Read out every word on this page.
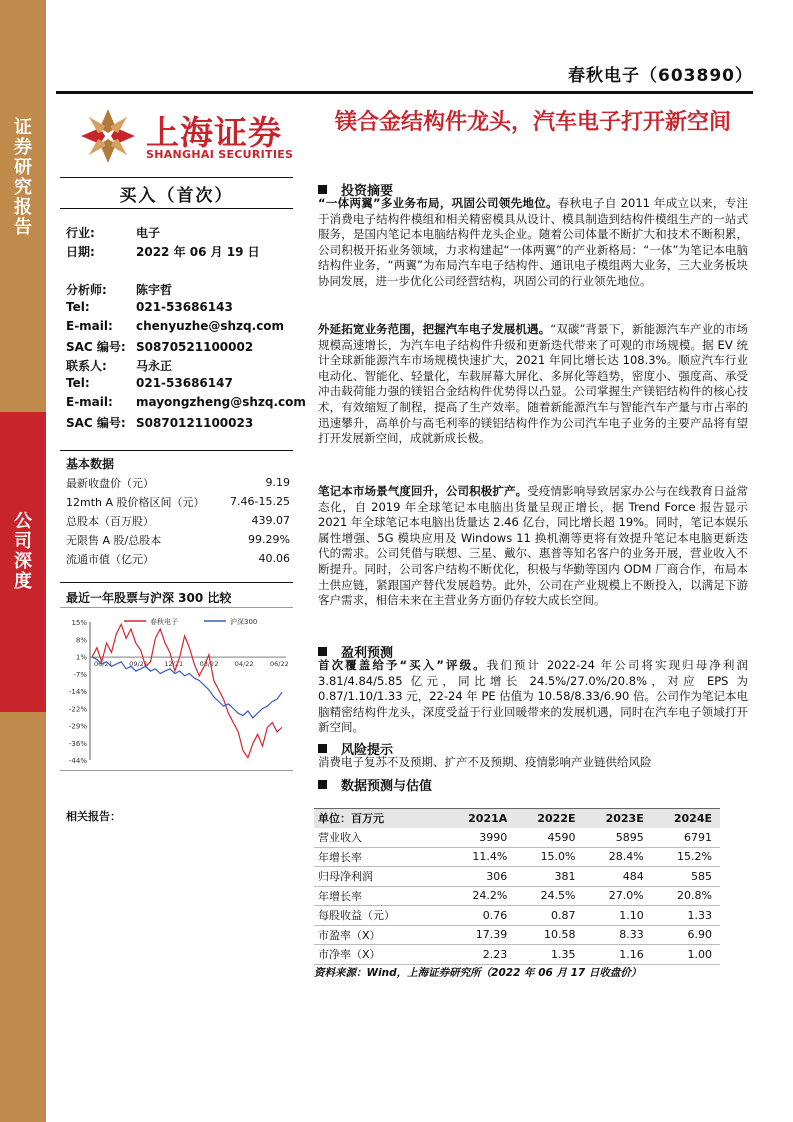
证券研究报告
公司深度
春秋电子（603890）
上海证券
SHANGHAI SECURITIES
镁合金结构件龙头，汽车电子打开新空间
买入（首次）
行业:	电子
日期:	2022 年 06 月 19 日
分析师: 陈宇哲
Tel:	021-53686143
E-mail: chenyuzhe@shzq.com
SAC 编号: S0870521100002
联系人: 马永正
Tel:	021-53686147
E-mail: mayongzheng@shzq.com
SAC 编号: S0870121100023
基本数据
最新收盘价（元）	9.19
12mth A 股价格区间（元）	7.46-15.25
总股本（百万股）	439.07
无限售 A 股/总股本	99.29%
流通市值（亿元）	40.06
最近一年股票与沪深 300 比较
15%
8%
1%
-7%
-14%
-22%
-29%
-36%
-44%
06/21	09/21	12/21	03/22	04/22	06/22
春秋电子	沪深300
相关报告：
投资摘要
“一体两翼”多业务布局，巩固公司领先地位。春秋电子自 2011 年成立以来，专注于消费电子结构件模组和相关精密模具从设计、模具制造到结构件模组生产的一站式服务，是国内笔记本电脑结构件龙头企业。随着公司体量不断扩大和技术不断积累，公司积极开拓业务领域，力求构建起“一体两翼”的产业新格局：“一体”为笔记本电脑结构件业务，“两翼”为布局汽车电子结构件、通讯电子模组两大业务，三大业务板块协同发展，进一步优化公司经营结构，巩固公司的行业领先地位。
外延拓宽业务范围，把握汽车电子发展机遇。“双碳”背景下，新能源汽车产业的市场规模高速增长，为汽车电子结构件升级和更新迭代带来了可观的市场规模。据 EV 统计全球新能源汽车市场规模快速扩大，2021 年同比增长达 108.3%。顺应汽车行业电动化、智能化、轻量化，车载屏幕大屏化、多屏化等趋势，密度小、强度高、承受冲击载荷能力强的镁铝合金结构件优势得以凸显。公司掌握生产镁铝结构件的核心技术，有效缩短了制程，提高了生产效率。随着新能源汽车与智能汽车产量与市占率的迅速攀升，高单价与高毛利率的镁铝结构件作为公司汽车电子业务的主要产品将有望打开发展新空间，成就新成长极。
笔记本市场景气度回升，公司积极扩产。受疫情影响导致居家办公与在线教育日益常态化，自 2019 年全球笔记本电脑出货量呈现正增长，据 Trend Force 报告显示 2021 年全球笔记本电脑出货量达 2.46 亿台，同比增长超 19%。同时，笔记本娱乐属性增强、5G 模块应用及 Windows 11 换机潮等更将有效提升笔记本电脑更新迭代的需求。公司凭借与联想、三星、戴尔、惠普等知名客户的业务开展，营业收入不断提升。同时，公司客户结构不断优化，积极与华勤等国内 ODM 厂商合作，布局本土供应链，紧跟国产替代发展趋势。此外，公司在产业规模上不断投入，以满足下游客户需求，相信未来在主营业务方面仍存较大成长空间。
盈利预测
首次覆盖给予“买入”评级。我们预计 2022-24 年公司将实现归母净利润 3.81/4.84/5.85 亿元，同比增长 24.5%/27.0%/20.8%，对应 EPS 为 0.87/1.10/1.33 元，22-24 年 PE 估值为 10.58/8.33/6.90 倍。公司作为笔记本电脑精密结构件龙头，深度受益于行业回暖带来的发展机遇，同时在汽车电子领域打开新空间。
风险提示
消费电子复苏不及预期、扩产不及预期、疫情影响产业链供给风险
数据预测与估值
单位：百万元	2021A	2022E	2023E	2024E
营业收入	3990	4590	5895	6791
年增长率	11.4%	15.0%	28.4%	15.2%
归母净利润	306	381	484	585
年增长率	24.2%	24.5%	27.0%	20.8%
每股收益（元）	0.76	0.87	1.10	1.33
市盈率（X）	17.39	10.58	8.33	6.90
市净率（X）	2.23	1.35	1.16	1.00
资料来源：Wind，上海证券研究所（2022 年 06 月 17 日收盘价）
